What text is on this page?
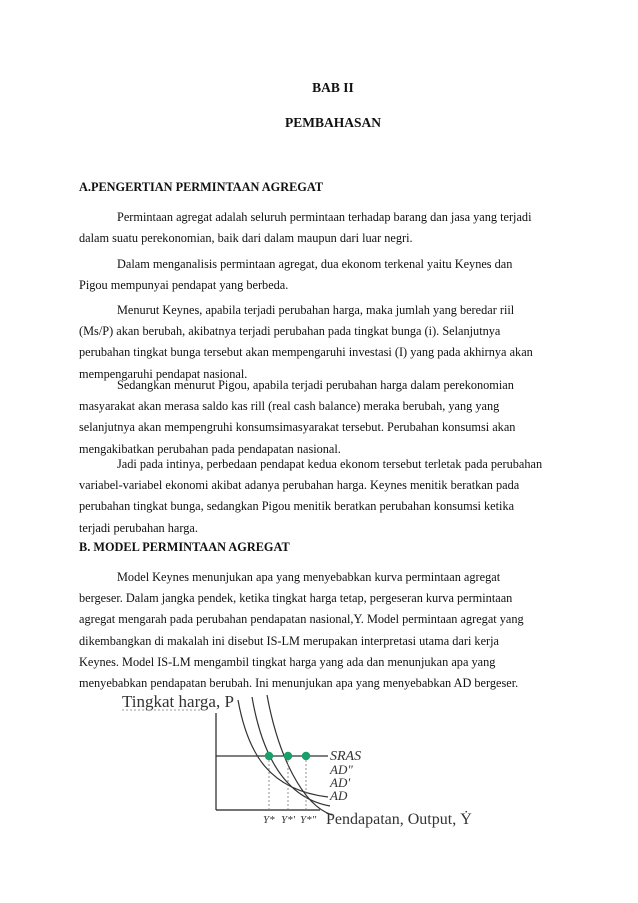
BAB II
PEMBAHASAN
A.PENGERTIAN PERMINTAAN AGREGAT
Permintaan agregat adalah seluruh permintaan terhadap barang dan jasa yang terjadi
dalam suatu perekonomian, baik dari dalam maupun dari luar negri.
Dalam menganalisis permintaan agregat, dua ekonom terkenal yaitu Keynes dan
Pigou mempunyai pendapat yang berbeda.
Menurut Keynes, apabila terjadi perubahan harga, maka jumlah yang beredar riil
(Ms/P) akan berubah, akibatnya terjadi perubahan pada tingkat bunga (i). Selanjutnya
perubahan tingkat bunga tersebut akan mempengaruhi investasi (I) yang pada akhirnya akan
mempengaruhi pendapat nasional.
Sedangkan menurut Pigou, apabila terjadi perubahan harga dalam perekonomian
masyarakat akan merasa saldo kas rill (real cash balance) meraka berubah, yang yang
selanjutnya akan mempengruhi konsumsimasyarakat tersebut. Perubahan konsumsi akan
mengakibatkan perubahan pada pendapatan nasional.
Jadi pada intinya, perbedaan pendapat kedua ekonom tersebut terletak pada perubahan
variabel-variabel ekonomi akibat adanya perubahan harga. Keynes menitik beratkan pada
perubahan tingkat bunga, sedangkan Pigou menitik beratkan perubahan konsumsi ketika
terjadi perubahan harga.
B. MODEL PERMINTAAN AGREGAT
Model Keynes menunjukan apa yang menyebabkan kurva permintaan agregat
bergeser. Dalam jangka pendek, ketika tingkat harga tetap, pergeseran kurva permintaan
agregat mengarah pada perubahan pendapatan nasional,Y. Model permintaan agregat yang
dikembangkan di makalah ini disebut IS-LM merupakan interpretasi utama dari kerja
Keynes. Model IS-LM mengambil tingkat harga yang ada dan menunjukan apa yang
menyebabkan pendapatan berubah. Ini menunjukan apa yang menyebabkan AD bergeser.
Tingkat harga, P
SRAS
AD"
AD'
AD
Y* Y*' Y*" Pendapatan, Output, Ẏ
